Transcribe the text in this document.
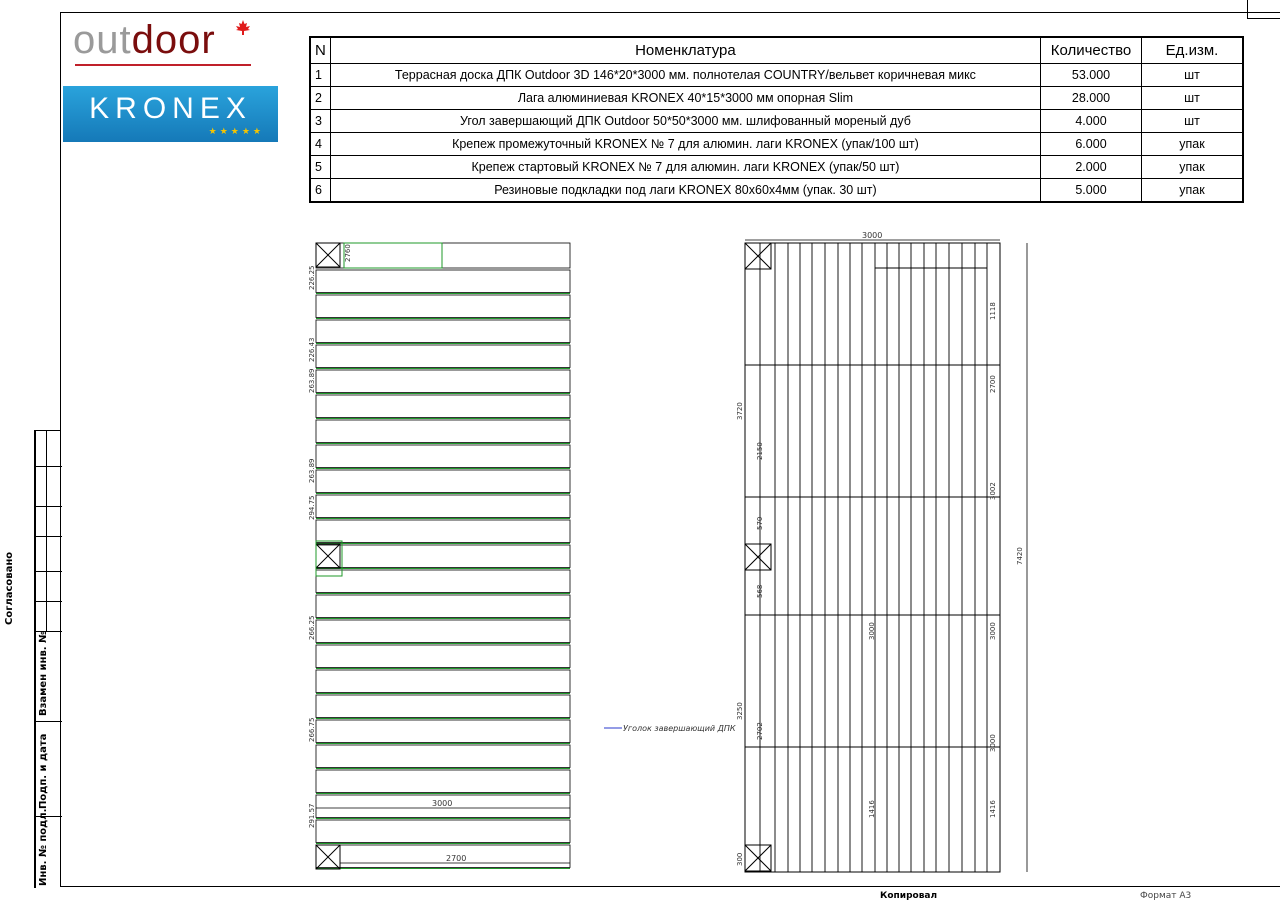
Взамен инв. №
Подп. и дата
Инв. № подл.
Согласовано
outdoor
KRONEX
★★★★★
N	Номенклатура	Количество	Ед.изм.
1	Террасная доска ДПК Outdoor 3D 146*20*3000 мм. полнотелая COUNTRY/вельвет коричневая микс	53.000	шт
2	Лага алюминиевая KRONEX 40*15*3000 мм опорная Slim	28.000	шт
3	Угол завершающий ДПК Outdoor 50*50*3000 мм. шлифованный мореный дуб	4.000	шт
4	Крепеж промежуточный KRONEX № 7 для алюмин. лаги KRONEX (упак/100 шт)	6.000	упак
5	Крепеж стартовый KRONEX № 7 для алюмин. лаги KRONEX (упак/50 шт)	2.000	упак
6	Резиновые подкладки под лаги KRONEX 80х60х4мм (упак. 30 шт)	5.000	упак
226.25
226.43
263.89
263.89
294.75
266.25
266.75
291.57
2760
3000
2700
7420
3000
3720
2150
570
568
3250
2702
300
3000
1416
1118
2700
3002
3000
3000
1416
Уголок завершающий ДПК
Копировал	Формат А3
